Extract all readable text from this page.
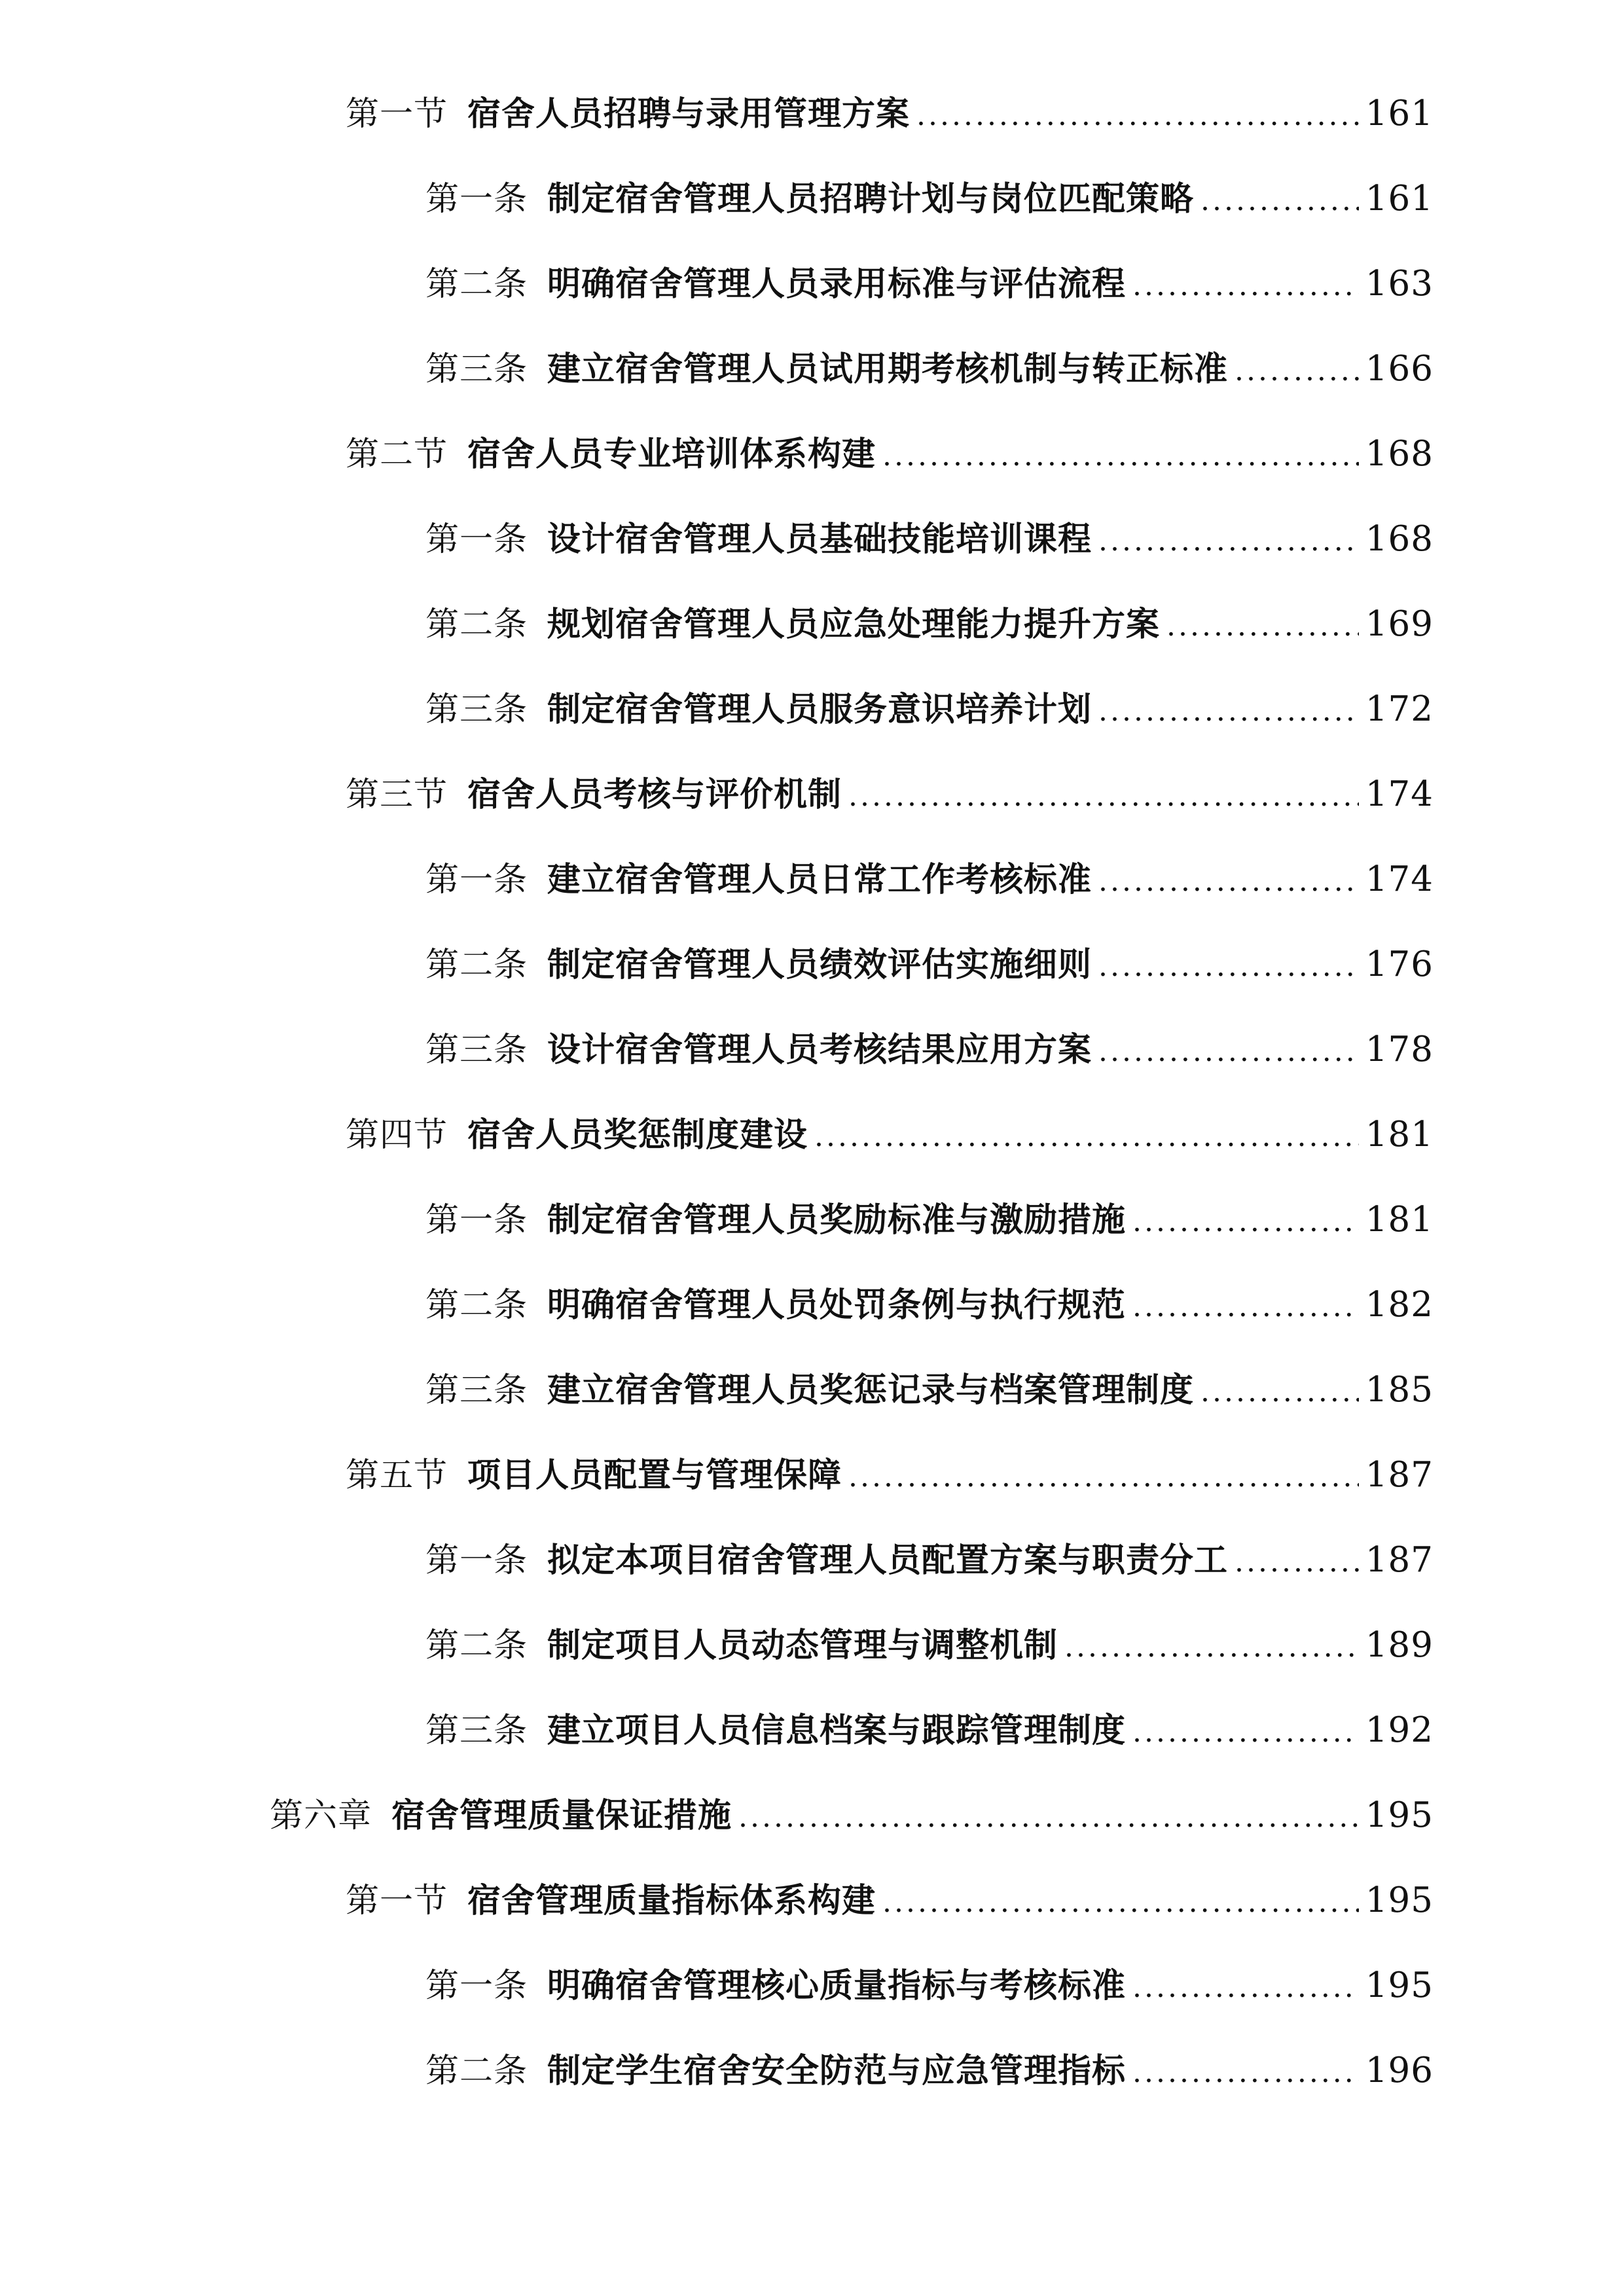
第一节 宿舍人员招聘与录用管理方案 .....	161
第一条 制定宿舍管理人员招聘计划与岗位匹配策略 .....	161
第二条 明确宿舍管理人员录用标准与评估流程 .....	163
第三条 建立宿舍管理人员试用期考核机制与转正标准 .....	166
第二节 宿舍人员专业培训体系构建 .....	168
第一条 设计宿舍管理人员基础技能培训课程 .....	168
第二条 规划宿舍管理人员应急处理能力提升方案 .....	169
第三条 制定宿舍管理人员服务意识培养计划 .....	172
第三节 宿舍人员考核与评价机制 .....	174
第一条 建立宿舍管理人员日常工作考核标准 .....	174
第二条 制定宿舍管理人员绩效评估实施细则 .....	176
第三条 设计宿舍管理人员考核结果应用方案 .....	178
第四节 宿舍人员奖惩制度建设 .....	181
第一条 制定宿舍管理人员奖励标准与激励措施 .....	181
第二条 明确宿舍管理人员处罚条例与执行规范 .....	182
第三条 建立宿舍管理人员奖惩记录与档案管理制度 .....	185
第五节 项目人员配置与管理保障 .....	187
第一条 拟定本项目宿舍管理人员配置方案与职责分工 .....	187
第二条 制定项目人员动态管理与调整机制 .....	189
第三条 建立项目人员信息档案与跟踪管理制度 .....	192
第六章 宿舍管理质量保证措施 .....	195
第一节 宿舍管理质量指标体系构建 .....	195
第一条 明确宿舍管理核心质量指标与考核标准 .....	195
第二条 制定学生宿舍安全防范与应急管理指标 .....	196
